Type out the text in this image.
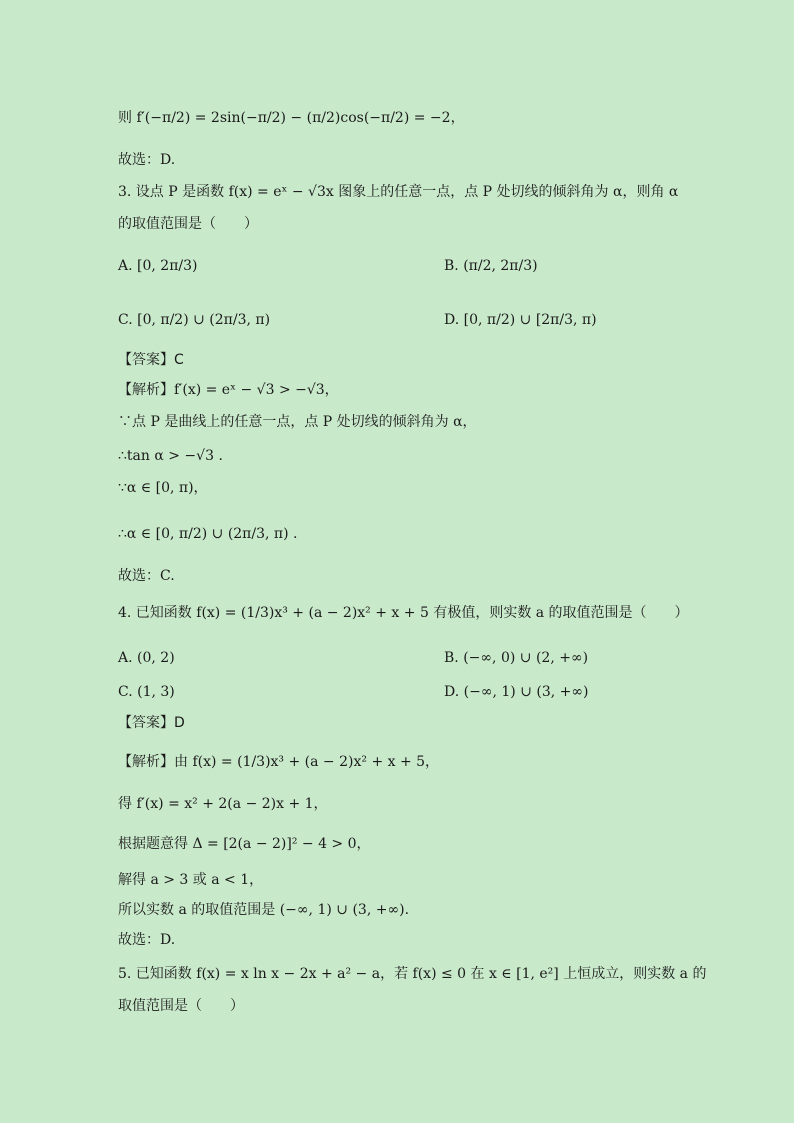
则 f′(−π/2) = 2sin(−π/2) − (π/2)cos(−π/2) = −2，
故选：D.
3. 设点 P 是函数 f(x) = eˣ − √3x 图象上的任意一点，点 P 处切线的倾斜角为 α，则角 α
的取值范围是（　　）
A. [0, 2π/3)	B. (π/2, 2π/3)
C. [0, π/2) ∪ (2π/3, π)	D. [0, π/2) ∪ [2π/3, π)
【答案】C
【解析】f′(x) = eˣ − √3 > −√3，
∵点 P 是曲线上的任意一点，点 P 处切线的倾斜角为 α，
∴tan α > −√3 .
∵α ∈ [0, π)，
∴α ∈ [0, π/2) ∪ (2π/3, π) .
故选：C.
4. 已知函数 f(x) = (1/3)x³ + (a − 2)x² + x + 5 有极值，则实数 a 的取值范围是（　　）
A. (0, 2)	B. (−∞, 0) ∪ (2, +∞)
C. (1, 3)	D. (−∞, 1) ∪ (3, +∞)
【答案】D
【解析】由 f(x) = (1/3)x³ + (a − 2)x² + x + 5，
得 f′(x) = x² + 2(a − 2)x + 1，
根据题意得 Δ = [2(a − 2)]² − 4 > 0，
解得 a > 3 或 a < 1，
所以实数 a 的取值范围是 (−∞, 1) ∪ (3, +∞).
故选：D.
5. 已知函数 f(x) = x ln x − 2x + a² − a，若 f(x) ≤ 0 在 x ∈ [1, e²] 上恒成立，则实数 a 的
取值范围是（　　）
